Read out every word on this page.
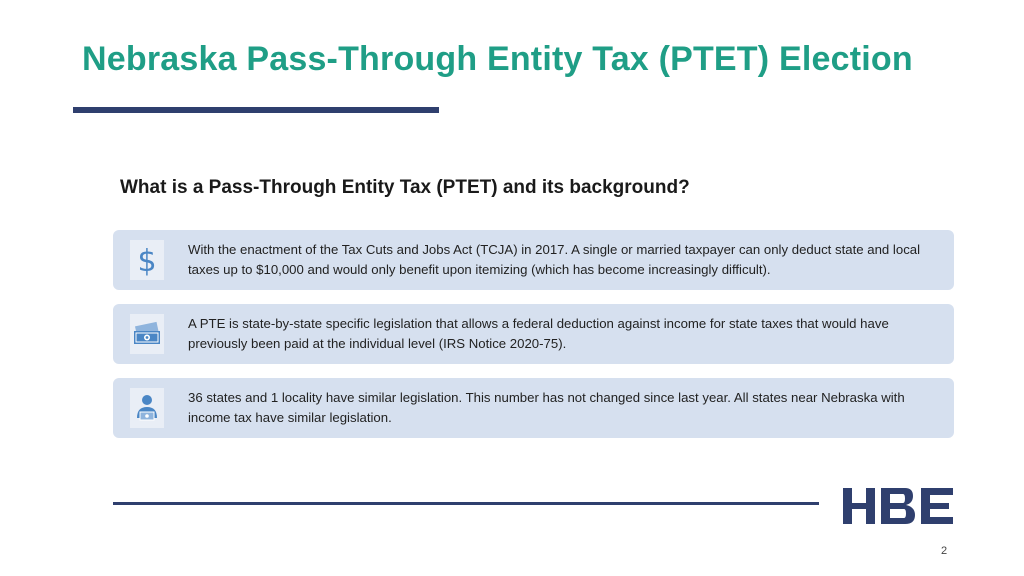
Nebraska Pass-Through Entity Tax (PTET) Election
What is a Pass-Through Entity Tax (PTET) and its background?
$ With the enactment of the Tax Cuts and Jobs Act (TCJA) in 2017. A single or married taxpayer can only deduct state and local taxes up to $10,000 and would only benefit upon itemizing (which has become increasingly difficult).
A PTE is state-by-state specific legislation that allows a federal deduction against income for state taxes that would have previously been paid at the individual level (IRS Notice 2020-75).
36 states and 1 locality have similar legislation. This number has not changed since last year. All states near Nebraska with income tax have similar legislation.
2
